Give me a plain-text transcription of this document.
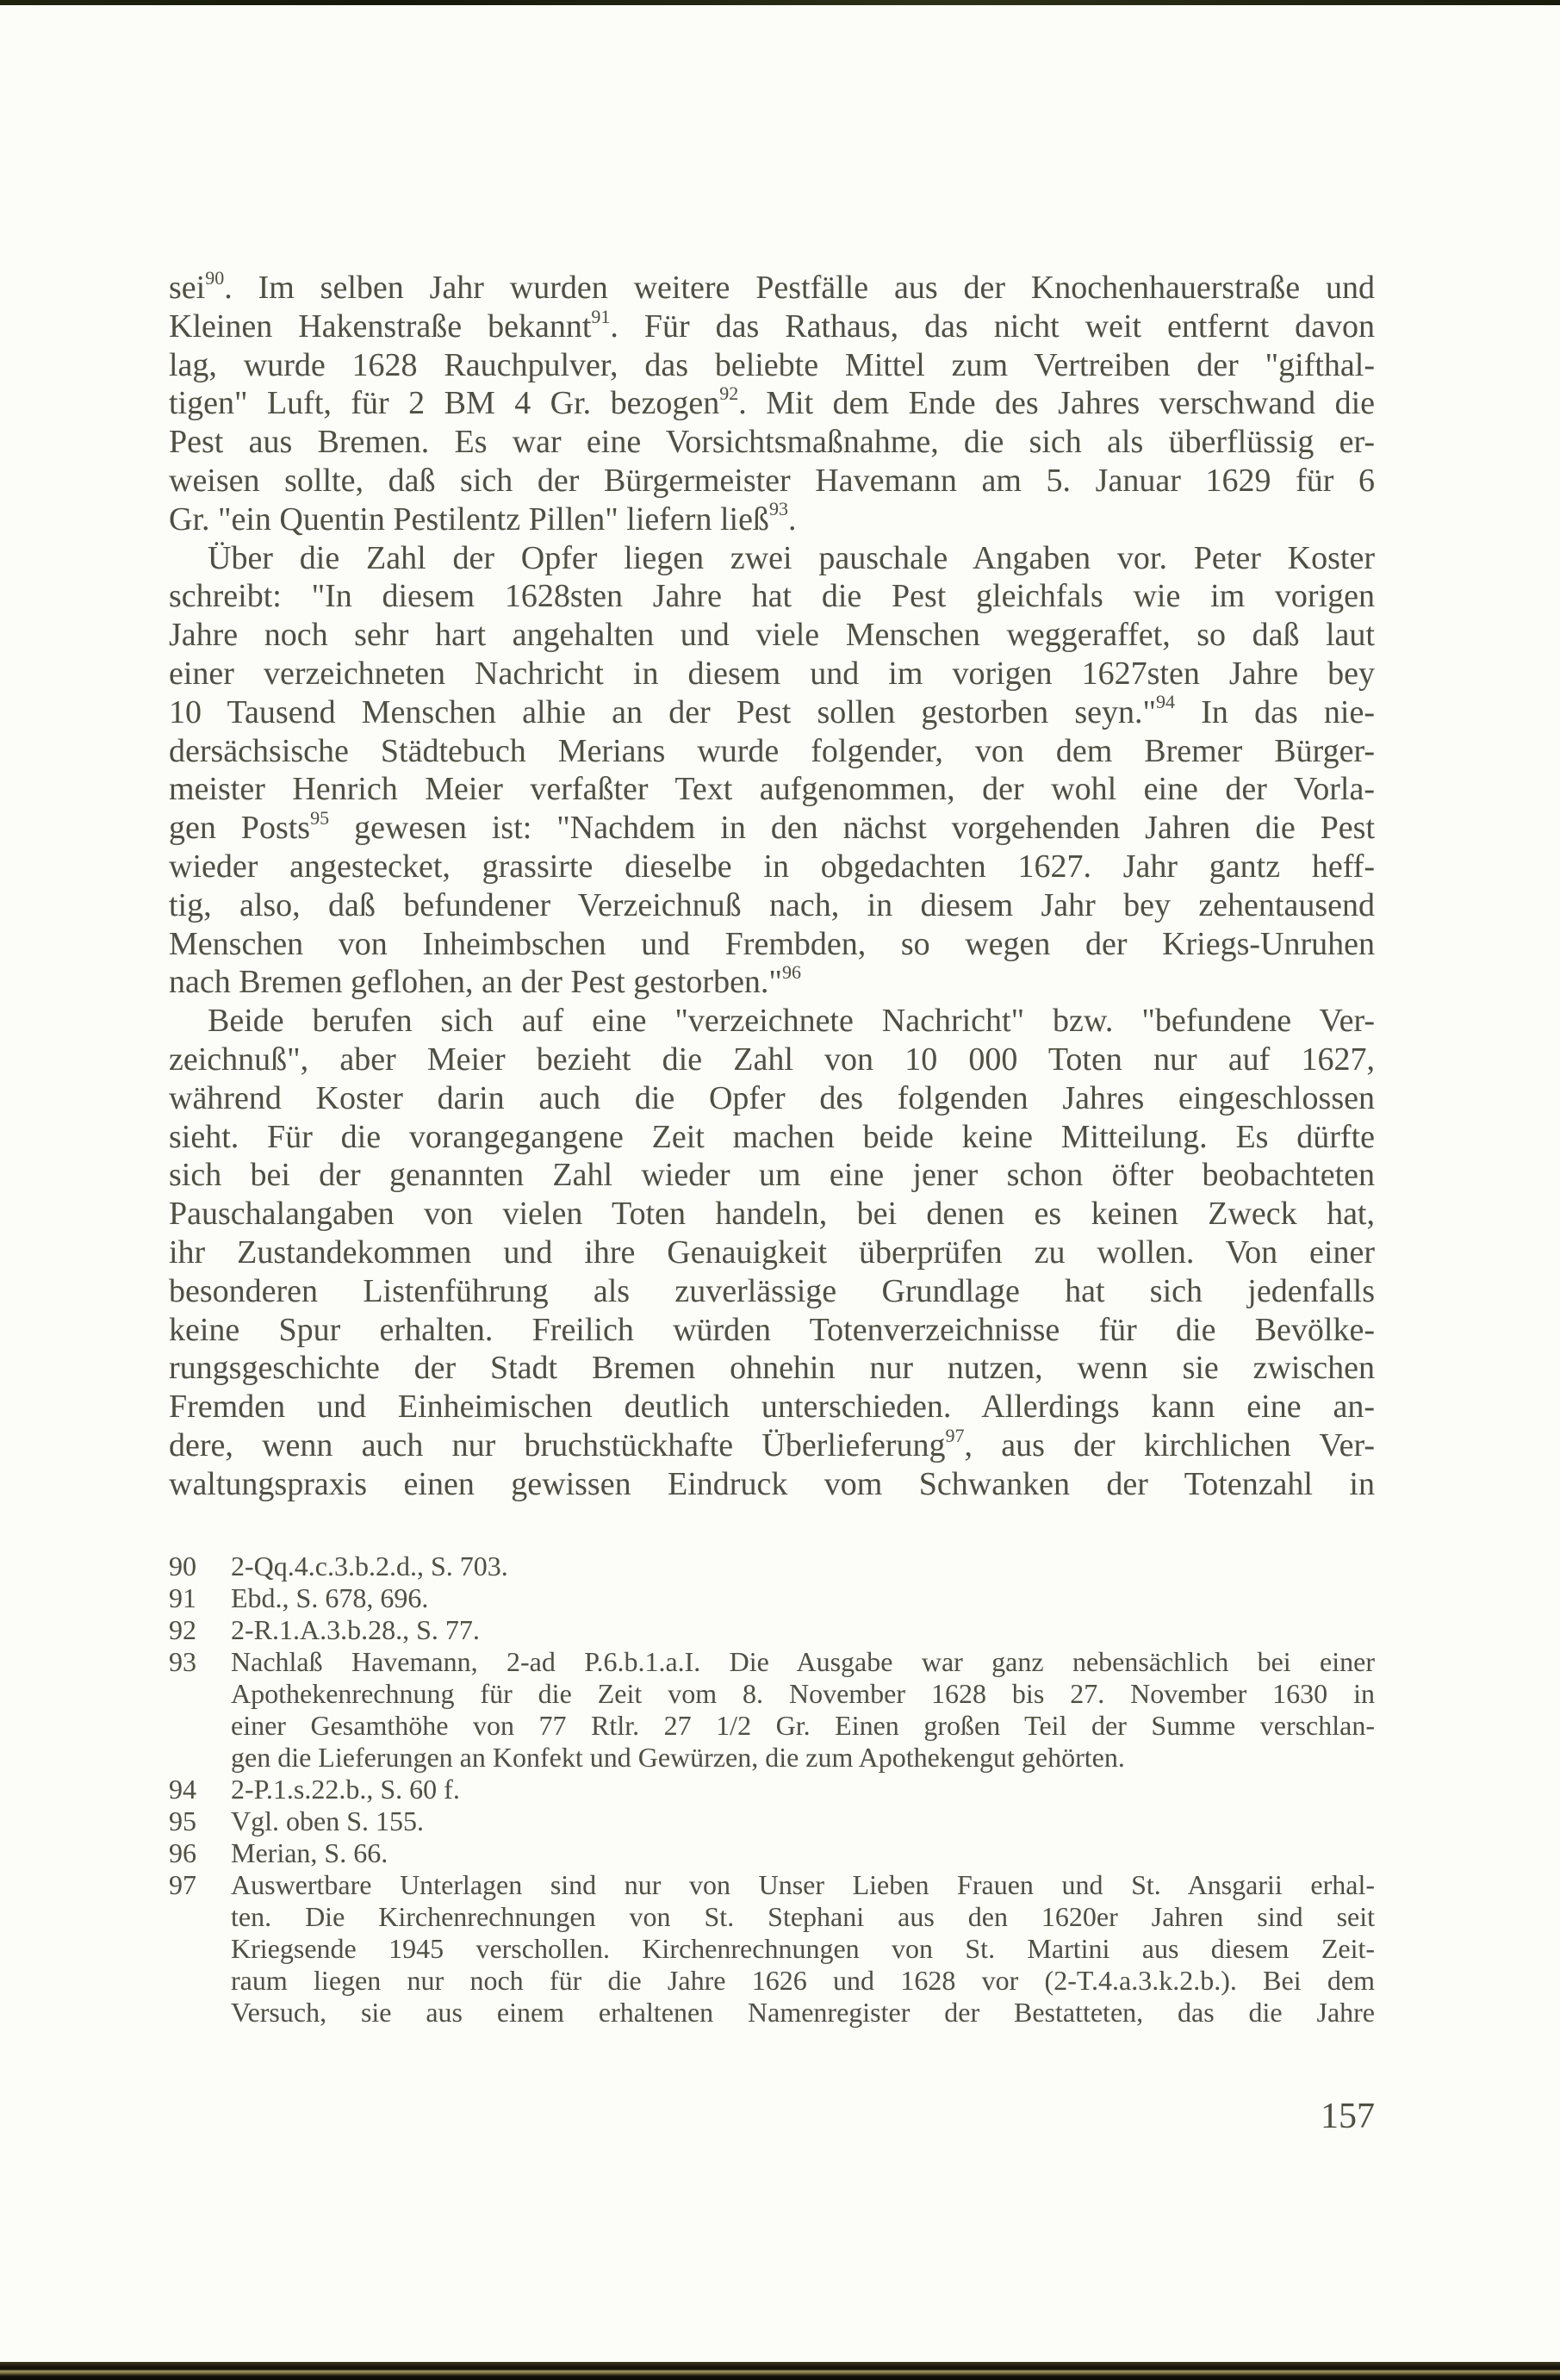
sei$^{90}$. Im selben Jahr wurden weitere Pestfälle aus der Knochenhauerstraße und
Kleinen Hakenstraße bekannt$^{91}$. Für das Rathaus, das nicht weit entfernt davon
lag, wurde 1628 Rauchpulver, das beliebte Mittel zum Vertreiben der "gifthal-
tigen" Luft, für 2 BM 4 Gr. bezogen$^{92}$. Mit dem Ende des Jahres verschwand die
Pest aus Bremen. Es war eine Vorsichtsmaßnahme, die sich als überflüssig er-
weisen sollte, daß sich der Bürgermeister Havemann am 5. Januar 1629 für 6
Gr. "ein Quentin Pestilentz Pillen" liefern ließ$^{93}$.
Über die Zahl der Opfer liegen zwei pauschale Angaben vor. Peter Koster
schreibt: "In diesem 1628sten Jahre hat die Pest gleichfals wie im vorigen
Jahre noch sehr hart angehalten und viele Menschen weggeraffet, so daß laut
einer verzeichneten Nachricht in diesem und im vorigen 1627sten Jahre bey
10 Tausend Menschen alhie an der Pest sollen gestorben seyn."$^{94}$ In das nie-
dersächsische Städtebuch Merians wurde folgender, von dem Bremer Bürger-
meister Henrich Meier verfaßter Text aufgenommen, der wohl eine der Vorla-
gen Posts$^{95}$ gewesen ist: "Nachdem in den nächst vorgehenden Jahren die Pest
wieder angestecket, grassirte dieselbe in obgedachten 1627. Jahr gantz heff-
tig, also, daß befundener Verzeichnuß nach, in diesem Jahr bey zehentausend
Menschen von Inheimbschen und Frembden, so wegen der Kriegs-Unruhen
nach Bremen geflohen, an der Pest gestorben."$^{96}$
Beide berufen sich auf eine "verzeichnete Nachricht" bzw. "befundene Ver-
zeichnuß", aber Meier bezieht die Zahl von 10 000 Toten nur auf 1627,
während Koster darin auch die Opfer des folgenden Jahres eingeschlossen
sieht. Für die vorangegangene Zeit machen beide keine Mitteilung. Es dürfte
sich bei der genannten Zahl wieder um eine jener schon öfter beobachteten
Pauschalangaben von vielen Toten handeln, bei denen es keinen Zweck hat,
ihr Zustandekommen und ihre Genauigkeit überprüfen zu wollen. Von einer
besonderen Listenführung als zuverlässige Grundlage hat sich jedenfalls
keine Spur erhalten. Freilich würden Totenverzeichnisse für die Bevölke-
rungsgeschichte der Stadt Bremen ohnehin nur nutzen, wenn sie zwischen
Fremden und Einheimischen deutlich unterschieden. Allerdings kann eine an-
dere, wenn auch nur bruchstückhafte Überlieferung$^{97}$, aus der kirchlichen Ver-
waltungspraxis einen gewissen Eindruck vom Schwanken der Totenzahl in
90	2-Qq.4.c.3.b.2.d., S. 703.
91	Ebd., S. 678, 696.
92	2-R.1.A.3.b.28., S. 77.
93	Nachlaß Havemann, 2-ad P.6.b.1.a.I. Die Ausgabe war ganz nebensächlich bei einer
Apothekenrechnung für die Zeit vom 8. November 1628 bis 27. November 1630 in
einer Gesamthöhe von 77 Rtlr. 27 1/2 Gr. Einen großen Teil der Summe verschlan-
gen die Lieferungen an Konfekt und Gewürzen, die zum Apothekengut gehörten.
94	2-P.1.s.22.b., S. 60 f.
95	Vgl. oben S. 155.
96	Merian, S. 66.
97	Auswertbare Unterlagen sind nur von Unser Lieben Frauen und St. Ansgarii erhal-
ten. Die Kirchenrechnungen von St. Stephani aus den 1620er Jahren sind seit
Kriegsende 1945 verschollen. Kirchenrechnungen von St. Martini aus diesem Zeit-
raum liegen nur noch für die Jahre 1626 und 1628 vor (2-T.4.a.3.k.2.b.). Bei dem
Versuch, sie aus einem erhaltenen Namenregister der Bestatteten, das die Jahre
157
